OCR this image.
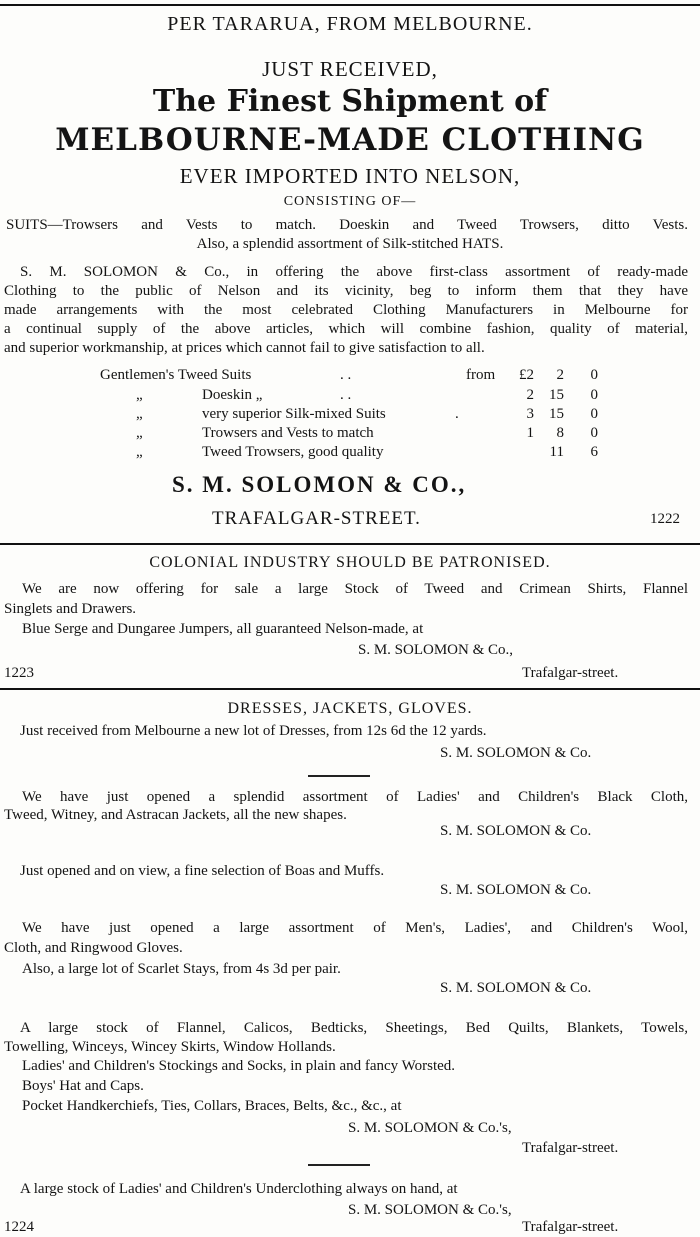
PER TARARUA, FROM MELBOURNE.
JUST RECEIVED,
The Finest Shipment of
MELBOURNE-MADE CLOTHING
EVER IMPORTED INTO NELSON,
CONSISTING OF—
SUITS—Trowsers and Vests to match. Doeskin and Tweed Trowsers, ditto Vests.
Also, a splendid assortment of Silk-stitched HATS.
S. M. SOLOMON & Co., in offering the above first-class assortment of ready-made
Clothing to the public of Nelson and its vicinity, beg to inform them that they have
made arrangements with the most celebrated Clothing Manufacturers in Melbourne for
a continual supply of the above articles, which will combine fashion, quality of material,
and superior workmanship, at prices which cannot fail to give satisfaction to all.
Gentlemen's Tweed Suits	. .	from	£2	2	0
„	Doeskin „	. .	2	15	0
„	very superior Silk-mixed Suits	.	3	15	0
„	Trowsers and Vests to match	1	8	0
„	Tweed Trowsers, good quality	11	6
S. M. SOLOMON & CO.,
TRAFALGAR-STREET.	1222
COLONIAL INDUSTRY SHOULD BE PATRONISED.
We are now offering for sale a large Stock of Tweed and Crimean Shirts, Flannel
Singlets and Drawers.
Blue Serge and Dungaree Jumpers, all guaranteed Nelson-made, at
S. M. SOLOMON & Co.,
1223	Trafalgar-street.
DRESSES, JACKETS, GLOVES.
Just received from Melbourne a new lot of Dresses, from 12s 6d the 12 yards.
S. M. SOLOMON & Co.
We have just opened a splendid assortment of Ladies' and Children's Black Cloth,
Tweed, Witney, and Astracan Jackets, all the new shapes.
S. M. SOLOMON & Co.
Just opened and on view, a fine selection of Boas and Muffs.
S. M. SOLOMON & Co.
We have just opened a large assortment of Men's, Ladies', and Children's Wool,
Cloth, and Ringwood Gloves.
Also, a large lot of Scarlet Stays, from 4s 3d per pair.
S. M. SOLOMON & Co.
A large stock of Flannel, Calicos, Bedticks, Sheetings, Bed Quilts, Blankets, Towels,
Towelling, Winceys, Wincey Skirts, Window Hollands.
Ladies' and Children's Stockings and Socks, in plain and fancy Worsted.
Boys' Hat and Caps.
Pocket Handkerchiefs, Ties, Collars, Braces, Belts, &c., &c., at
S. M. SOLOMON & Co.'s,
Trafalgar-street.
A large stock of Ladies' and Children's Underclothing always on hand, at
S. M. SOLOMON & Co.'s,
1224	Trafalgar-street.
